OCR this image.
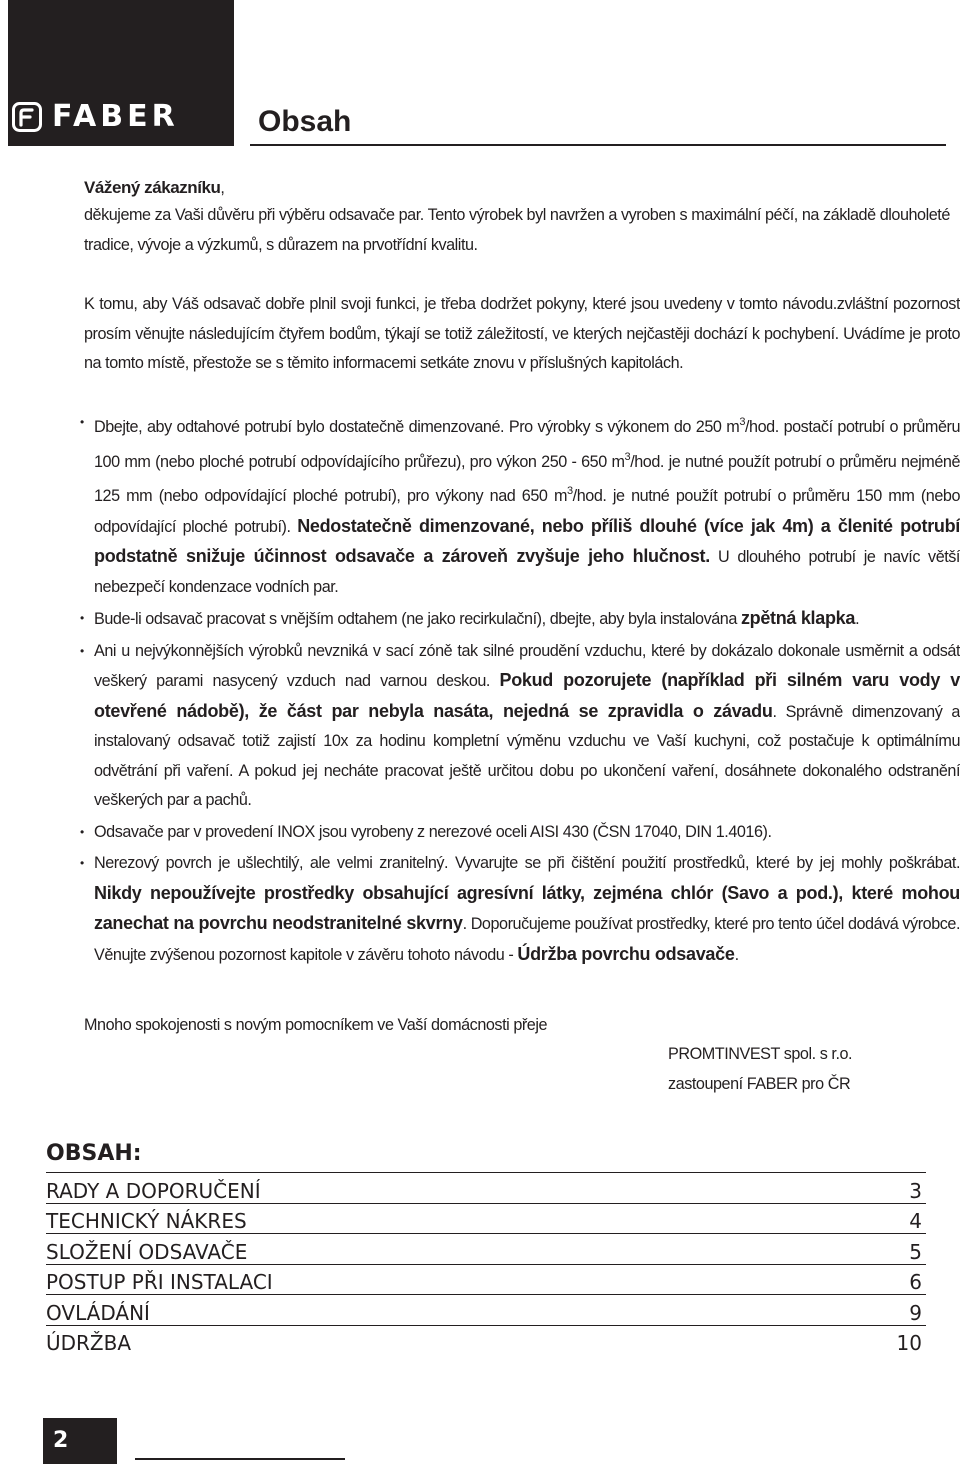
FABER	Obsah
Vážený zákazníku,
děkujeme za Vaši důvěru při výběru odsavače par. Tento výrobek byl navržen a vyroben s maximální péčí, na základě dlouholeté tradice, vývoje a výzkumů, s důrazem na prvotřídní kvalitu.
K tomu, aby Váš odsavač dobře plnil svoji funkci, je třeba dodržet pokyny, které jsou uvedeny v tomto návodu.zvláštní pozornost prosím věnujte následujícím čtyřem bodům, týkají se totiž záležitostí, ve kterých nejčastěji dochází k pochybení. Uvádíme je proto na tomto místě, přestože se s těmito informacemi setkáte znovu v příslušných kapitolách.
• Dbejte, aby odtahové potrubí bylo dostatečně dimenzované. Pro výrobky s výkonem do 250 $m^3$/hod. postačí potrubí o průměru 100 mm (nebo ploché potrubí odpovídajícího průřezu), pro výkon 250 - 650 $m^3$/hod. je nutné použít potrubí o průměru nejméně 125 mm (nebo odpovídající ploché potrubí), pro výkony nad 650 $m^3$/hod. je nutné použít potrubí o průměru 150 mm (nebo odpovídající ploché potrubí). Nedostatečně dimenzované, nebo příliš dlouhé (více jak 4m) a členité potrubí podstatně snižuje účinnost odsavače a zároveň zvyšuje jeho hlučnost. U dlouhého potrubí je navíc větší nebezpečí kondenzace vodních par.
• Bude-li odsavač pracovat s vnějším odtahem (ne jako recirkulační), dbejte, aby byla instalována zpětná klapka.
• Ani u nejvýkonnějších výrobků nevzniká v sací zóně tak silné proudění vzduchu, které by dokázalo dokonale usměrnit a odsát veškerý parami nasycený vzduch nad varnou deskou. Pokud pozorujete (například při silném varu vody v otevřené nádobě), že část par nebyla nasáta, nejedná se zpravidla o závadu. Správně dimenzovaný a instalovaný odsavač totiž zajistí 10x za hodinu kompletní výměnu vzduchu ve Vaší kuchyni, což postačuje k optimálnímu odvětrání při vaření. A pokud jej necháte pracovat ještě určitou dobu po ukončení vaření, dosáhnete dokonalého odstranění veškerých par a pachů.
• Odsavače par v provedení INOX jsou vyrobeny z nerezové oceli AISI 430 (ČSN 17040, DIN 1.4016).
• Nerezový povrch je ušlechtilý, ale velmi zranitelný. Vyvarujte se při čištění použití prostředků, které by jej mohly poškrábat. Nikdy nepoužívejte prostředky obsahující agresívní látky, zejména chlór (Savo a pod.), které mohou zanechat na povrchu neodstranitelné skvrny. Doporučujeme používat prostředky, které pro tento účel dodává výrobce. Věnujte zvýšenou pozornost kapitole v závěru tohoto návodu - Údržba povrchu odsavače.
Mnoho spokojenosti s novým pomocníkem ve Vaší domácnosti přeje
PROMTINVEST spol. s r.o.
zastoupení FABER pro ČR
OBSAH:
RADY A DOPORUČENÍ	3
TECHNICKÝ NÁKRES	4
SLOŽENÍ ODSAVAČE	5
POSTUP PŘI INSTALACI	6
OVLÁDÁNÍ	9
ÚDRŽBA	10
2
